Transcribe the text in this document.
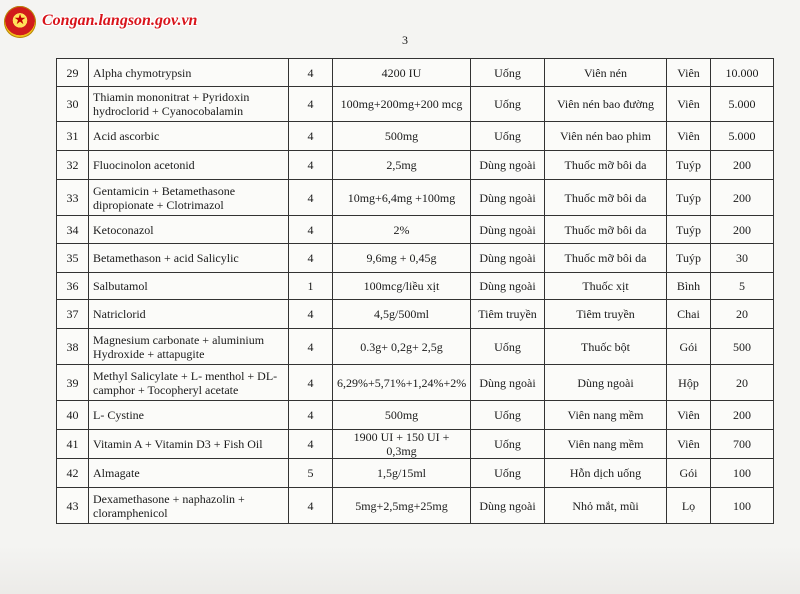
★ Congan.langson.gov.vn
3
29	Alpha chymotrypsin	4	4200 IU	Uống	Viên nén	Viên	10.000
30	Thiamin mononitrat + Pyridoxin hydroclorid + Cyanocobalamin	4	100mg+200mg+200 mcg	Uống	Viên nén bao đường	Viên	5.000
31	Acid ascorbic	4	500mg	Uống	Viên nén bao phim	Viên	5.000
32	Fluocinolon acetonid	4	2,5mg	Dùng ngoài	Thuốc mỡ bôi da	Tuýp	200
33	Gentamicin + Betamethasone dipropionate + Clotrimazol	4	10mg+6,4mg +100mg	Dùng ngoài	Thuốc mỡ bôi da	Tuýp	200
34	Ketoconazol	4	2%	Dùng ngoài	Thuốc mỡ bôi da	Tuýp	200
35	Betamethason + acid Salicylic	4	9,6mg + 0,45g	Dùng ngoài	Thuốc mỡ bôi da	Tuýp	30
36	Salbutamol	1	100mcg/liều xịt	Dùng ngoài	Thuốc xịt	Bình	5
37	Natriclorid	4	4,5g/500ml	Tiêm truyền	Tiêm truyền	Chai	20
38	Magnesium carbonate + aluminium Hydroxide + attapugite	4	0.3g+ 0,2g+ 2,5g	Uống	Thuốc bột	Gói	500
39	Methyl Salicylate + L- menthol + DL- camphor + Tocopheryl acetate	4	6,29%+5,71%+1,24%+2%	Dùng ngoài	Dùng ngoài	Hộp	20
40	L- Cystine	4	500mg	Uống	Viên nang mềm	Viên	200
41	Vitamin A + Vitamin D3 + Fish Oil	4	1900 UI + 150 UI + 0,3mg	Uống	Viên nang mềm	Viên	700
42	Almagate	5	1,5g/15ml	Uống	Hỗn dịch uống	Gói	100
43	Dexamethasone + naphazolin + cloramphenicol	4	5mg+2,5mg+25mg	Dùng ngoài	Nhỏ mắt, mũi	Lọ	100
